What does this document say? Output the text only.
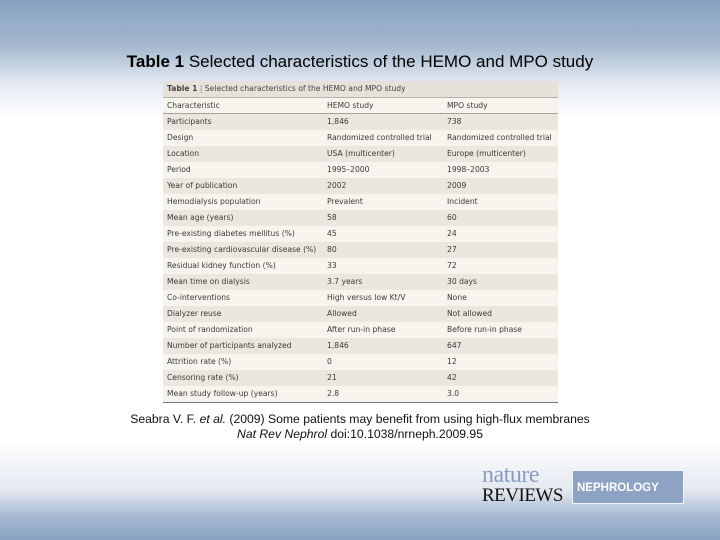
Table 1 Selected characteristics of the HEMO and MPO study
Table 1 | Selected characteristics of the HEMO and MPO study
Characteristic	HEMO study	MPO study
Participants	1,846	738
Design	Randomized controlled trial	Randomized controlled trial
Location	USA (multicenter)	Europe (multicenter)
Period	1995–2000	1998–2003
Year of publication	2002	2009
Hemodialysis population	Prevalent	Incident
Mean age (years)	58	60
Pre-existing diabetes mellitus (%)	45	24
Pre-existing cardiovascular disease (%)	80	27
Residual kidney function (%)	33	72
Mean time on dialysis	3.7 years	30 days
Co-interventions	High versus low Kt/V	None
Dialyzer reuse	Allowed	Not allowed
Point of randomization	After run-in phase	Before run-in phase
Number of participants analyzed	1,846	647
Attrition rate (%)	0	12
Censoring rate (%)	21	42
Mean study follow-up (years)	2.8	3.0
Seabra V. F. et al. (2009) Some patients may benefit from using high-flux membranes
Nat Rev Nephrol doi:10.1038/nrneph.2009.95
nature
REVIEWS	NEPHROLOGY
